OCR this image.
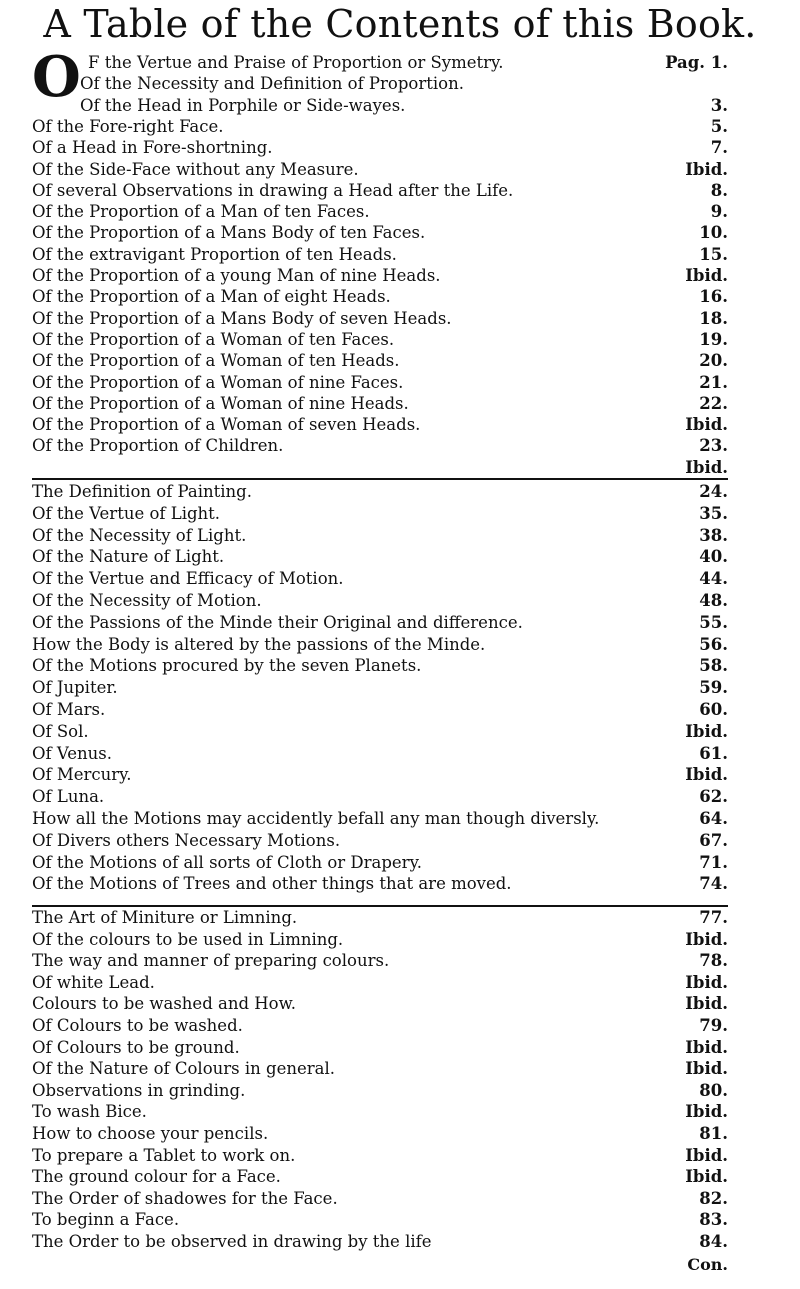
A Table of the Contents of this Book.
O F the Vertue and Praise of Proportion or Symetry.	Pag. 1.
Of the Necessity and Definition of Proportion.
Of the Head in Porphile or Side-wayes.	3.
Of the Fore-right Face.	5.
Of a Head in Fore-shortning.	7.
Of the Side-Face without any Measure.	Ibid.
Of several Observations in drawing a Head after the Life.	8.
Of the Proportion of a Man of ten Faces.	9.
Of the Proportion of a Mans Body of ten Faces.	10.
Of the extravigant Proportion of ten Heads.	15.
Of the Proportion of a young Man of nine Heads.	Ibid.
Of the Proportion of a Man of eight Heads.	16.
Of the Proportion of a Mans Body of seven Heads.	18.
Of the Proportion of a Woman of ten Faces.	19.
Of the Proportion of a Woman of ten Heads.	20.
Of the Proportion of a Woman of nine Faces.	21.
Of the Proportion of a Woman of nine Heads.	22.
Of the Proportion of a Woman of seven Heads.	Ibid.
Of the Proportion of Children.	23.
Ibid.
The Definition of Painting.	24.
Of the Vertue of Light.	35.
Of the Necessity of Light.	38.
Of the Nature of Light.	40.
Of the Vertue and Efficacy of Motion.	44.
Of the Necessity of Motion.	48.
Of the Passions of the Minde their Original and difference.	55.
How the Body is altered by the passions of the Minde.	56.
Of the Motions procured by the seven Planets.	58.
Of Jupiter.	59.
Of Mars.	60.
Of Sol.	Ibid.
Of Venus.	61.
Of Mercury.	Ibid.
Of Luna.	62.
How all the Motions may accidently befall any man though diversly.	64.
Of Divers others Necessary Motions.	67.
Of the Motions of all sorts of Cloth or Drapery.	71.
Of the Motions of Trees and other things that are moved.	74.
The Art of Miniture or Limning.	77.
Of the colours to be used in Limning.	Ibid.
The way and manner of preparing colours.	78.
Of white Lead.	Ibid.
Colours to be washed and How.	Ibid.
Of Colours to be washed.	79.
Of Colours to be ground.	Ibid.
Of the Nature of Colours in general.	Ibid.
Observations in grinding.	80.
To wash Bice.	Ibid.
How to choose your pencils.	81.
To prepare a Tablet to work on.	Ibid.
The ground colour for a Face.	Ibid.
The Order of shadowes for the Face.	82.
To beginn a Face.	83.
The Order to be observed in drawing by the life	84.
Con.
